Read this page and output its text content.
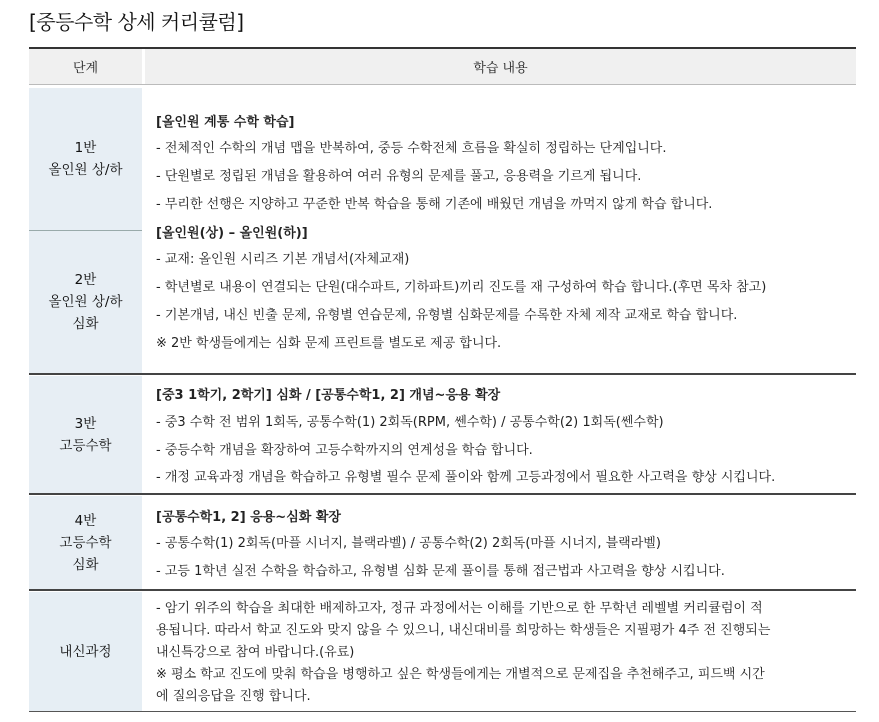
[중등수학 상세 커리큘럼]
단계	학습 내용
1반
올인원 상/하
[올인원 계통 수학 학습]
- 전체적인 수학의 개념 맵을 반복하여, 중등 수학전체 흐름을 확실히 정립하는 단계입니다.
- 단원별로 정립된 개념을 활용하여 여러 유형의 문제를 풀고, 응용력을 기르게 됩니다.
- 무리한 선행은 지양하고 꾸준한 반복 학습을 통해 기존에 배웠던 개념을 까먹지 않게 학습 합니다.
2반
올인원 상/하
심화
[올인원(상) – 올인원(하)]
- 교재: 올인원 시리즈 기본 개념서(자체교재)
- 학년별로 내용이 연결되는 단원(대수파트, 기하파트)끼리 진도를 재 구성하여 학습 합니다.(후면 목차 참고)
- 기본개념, 내신 빈출 문제, 유형별 연습문제, 유형별 심화문제를 수록한 자체 제작 교재로 학습 합니다.
※ 2반 학생들에게는 심화 문제 프린트를 별도로 제공 합니다.
3반
고등수학
[중3 1학기, 2학기] 심화 / [공통수학1, 2] 개념~응용 확장
- 중3 수학 전 범위 1회독, 공통수학(1) 2회독(RPM, 쎈수학) / 공통수학(2) 1회독(쎈수학)
- 중등수학 개념을 확장하여 고등수학까지의 연계성을 학습 합니다.
- 개정 교육과정 개념을 학습하고 유형별 필수 문제 풀이와 함께 고등과정에서 필요한 사고력을 향상 시킵니다.
4반
고등수학
심화
[공통수학1, 2] 응용~심화 확장
- 공통수학(1) 2회독(마플 시너지, 블랙라벨) / 공통수학(2) 2회독(마플 시너지, 블랙라벨)
- 고등 1학년 실전 수학을 학습하고, 유형별 심화 문제 풀이를 통해 접근법과 사고력을 향상 시킵니다.
내신과정
- 암기 위주의 학습을 최대한 배제하고자, 정규 과정에서는 이해를 기반으로 한 무학년 레벨별 커리큘럼이 적
용됩니다. 따라서 학교 진도와 맞지 않을 수 있으니, 내신대비를 희망하는 학생들은 지필평가 4주 전 진행되는
내신특강으로 참여 바랍니다.(유료)
※ 평소 학교 진도에 맞춰 학습을 병행하고 싶은 학생들에게는 개별적으로 문제집을 추천해주고, 피드백 시간
에 질의응답을 진행 합니다.
